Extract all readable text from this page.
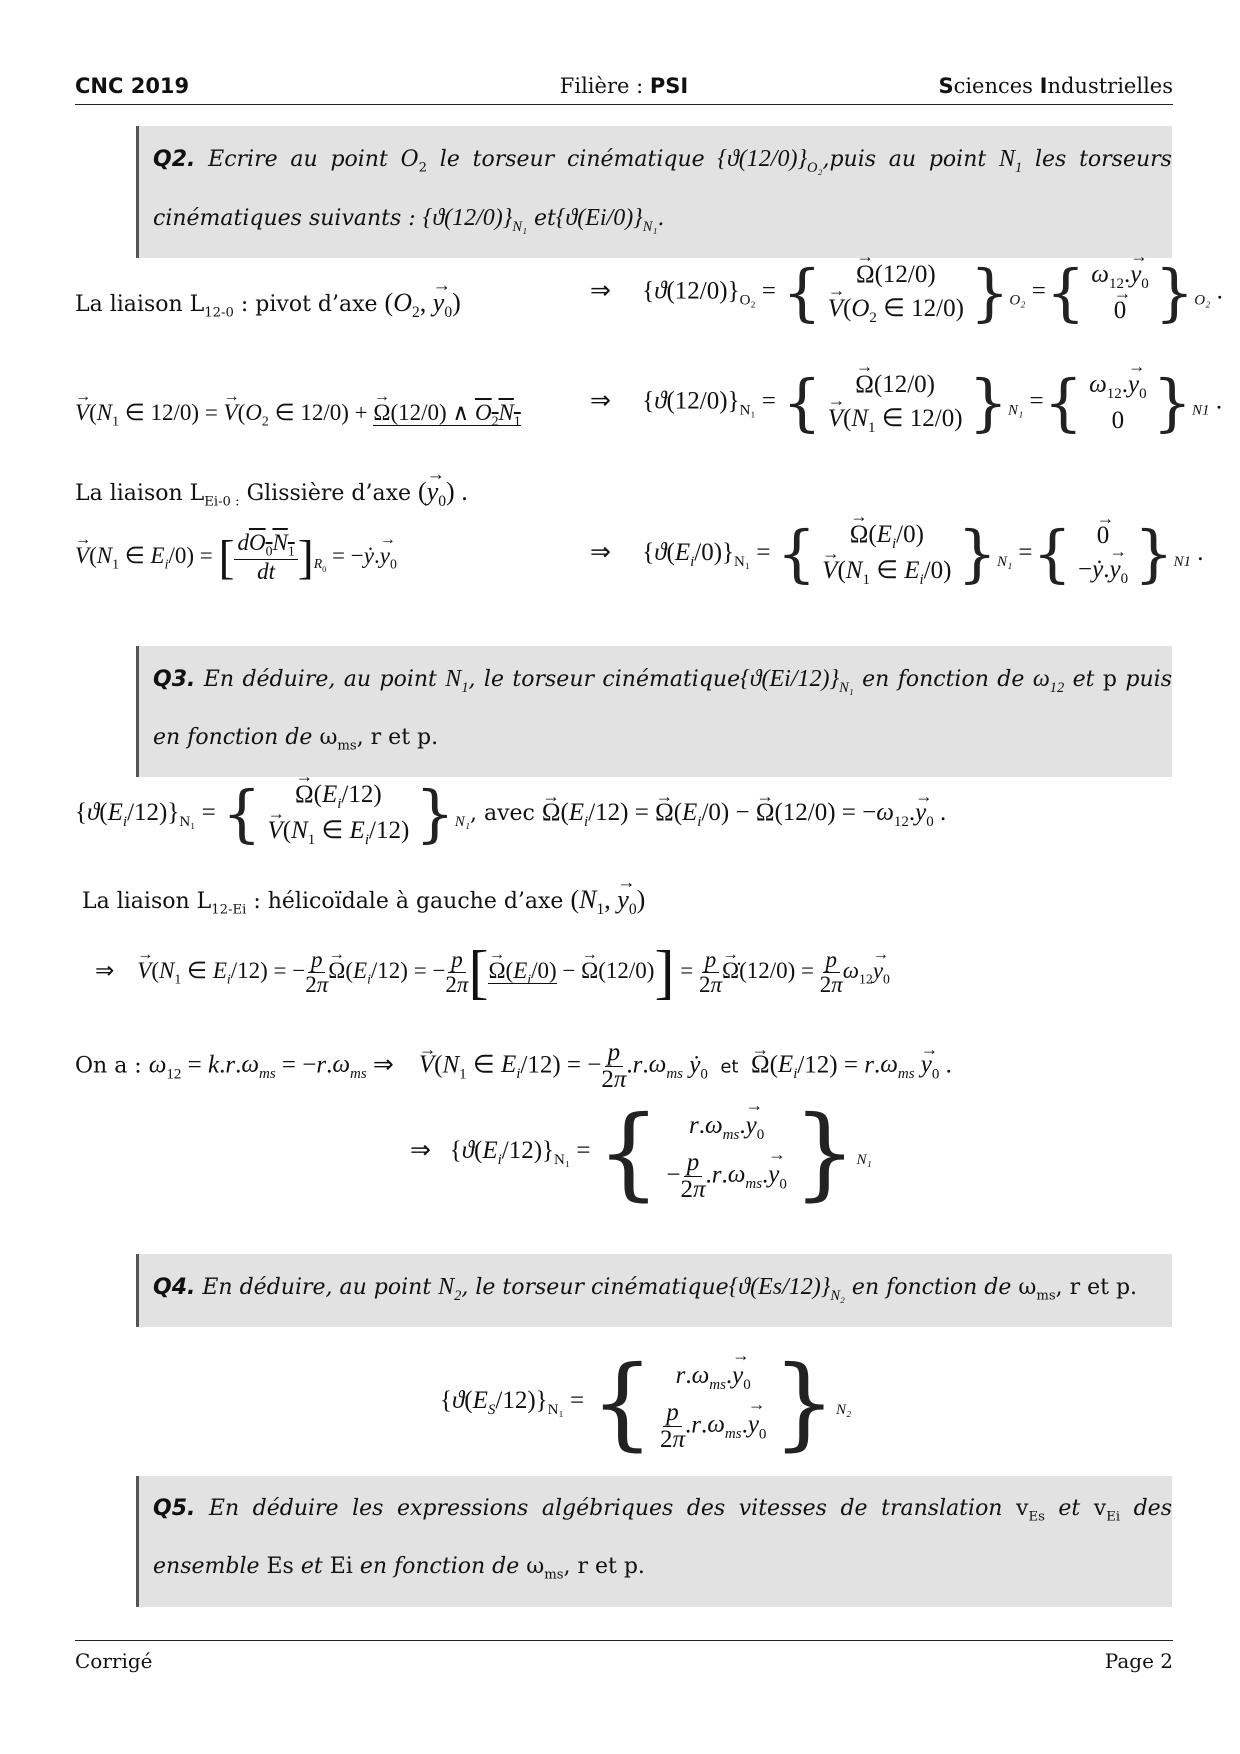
CNC 2019	Filière : PSI	Sciences Industrielles
Q2. Ecrire au point $O_2$ le torseur cinématique $\{ϑ(12/0)\}_{O_2},puis$ au point $N_1$ les torseurs cinématiques suivants : $\{ϑ(12/0)\}_{N_1}$ $et\{ϑ(Ei/0)\}_{N_1}$.
La liaison $L_{12-0}$ : pivot d’axe ($O_2$, → $y_0$)	⇒     $\{ϑ(12/0)\}_{O_2}$ = { → Ω(12/0)
→ $V(O_2$ ∈ 12/0) } $_{O_2}$ = { $\omega_{12}.\to y_0$
→ 0 } $_{O_2}$ .
→ $V(N_1$ ∈ 12/0) = → $V(O_2$ ∈ 12/0) + → Ω(12/0) ∧ $O_2N_1$
⇒     $\{ϑ(12/0)\}_{N_1}$ = { → Ω(12/0)
→ $V(N_1$ ∈ 12/0) } $_{N_1}$ = { $\omega_{12}.\to y_0$
0 } $_{N1}$ .
La liaison $L_{Ei-0 :}$ Glissière d’axe (→ $y_0$) .
→ $V(N_1$ ∈ $E_i/0$) = [ $\frac{dO_0N_1}{dt} ]_{R_0}$ = −ẏ.→ $y_0$	⇒     $\{ϑ(E_i/0)\}_{N_1}$ = { → $\Omega(E_i/0)$
→ $V(N_1$ ∈ $E_i/0$) } $_{N_1}$ = { → 0
−ẏ.→ $y_0$ } $_{N1}$ .
Q3. En déduire, au point $N_1$, le torseur $cinématique\{ϑ(Ei/12)\}_{N_1}$ en fonction de $\omega_{12}$ et p puis en fonction de $\omega_{ms}$, r et p.
$\{ϑ(E_i/12)\}_{N_1}$ = { → $\Omega(E_i/12)$
→ $V(N_1$ ∈ $E_i/12$) } $_{N_1}$, avec → $\Omega(E_i/12)$ = → $\Omega(E_i/0)$ − → $\Omega(12/0) = -\omega_{12}.\to y_0$ .
La liaison $L_{12-Ei}$ : hélicoïdale à gauche d’axe ($N_1$, → $y_0$)
⇒    → $V(N_1$ ∈ $E_i/12$) = − $\frac{p}{2\pi} \to \Omega(E_i/12)$ = − $\frac{p}{2\pi}$ [→ $\Omega(E_i/0)$ − → $\Omega(12/0)] = \frac{p}{2\pi}$ → Ω̇(12/0) = $\frac{p}{2\pi} \omega_{12}\to y_0$
On a : $\omega_{12} = k.r.\omega_{ms} = -r.\omega_{ms}$ ⇒    → $V(N_1$ ∈ $E_i/12$) = − $\frac{p}{2\pi} .r.\omega_{ms}$ ẏ$_0$ et → $\Omega(E_i/12) = r.\omega_{ms} \to y_0$ .
⇒   $\{ϑ(E_i/12)\}_{N_1}$ = { $r.\omega_{ms}.\to y_0$
− $\frac{p}{2\pi} .r.\omega_{ms}.\to y_0$ } $_{N_1}$
Q4. En déduire, au point $N_2$, le torseur $cinématique\{ϑ(Es/12)\}_{N_2}$ en fonction de $\omega_{ms}$, r et p.
$\{ϑ(E_S/12)\}_{N_1}$ = { $r.\omega_{ms}.\to y_0$
$\frac{p}{2\pi} .r.\omega_{ms}.\to y_0$ } $_{N_2}$
Q5. En déduire les expressions algébriques des vitesses de translation $v_{Es}$ et $v_{Ei}$ des ensemble Es et Ei en fonction de $\omega_{ms}$, r et p.
Corrigé	Page 2
